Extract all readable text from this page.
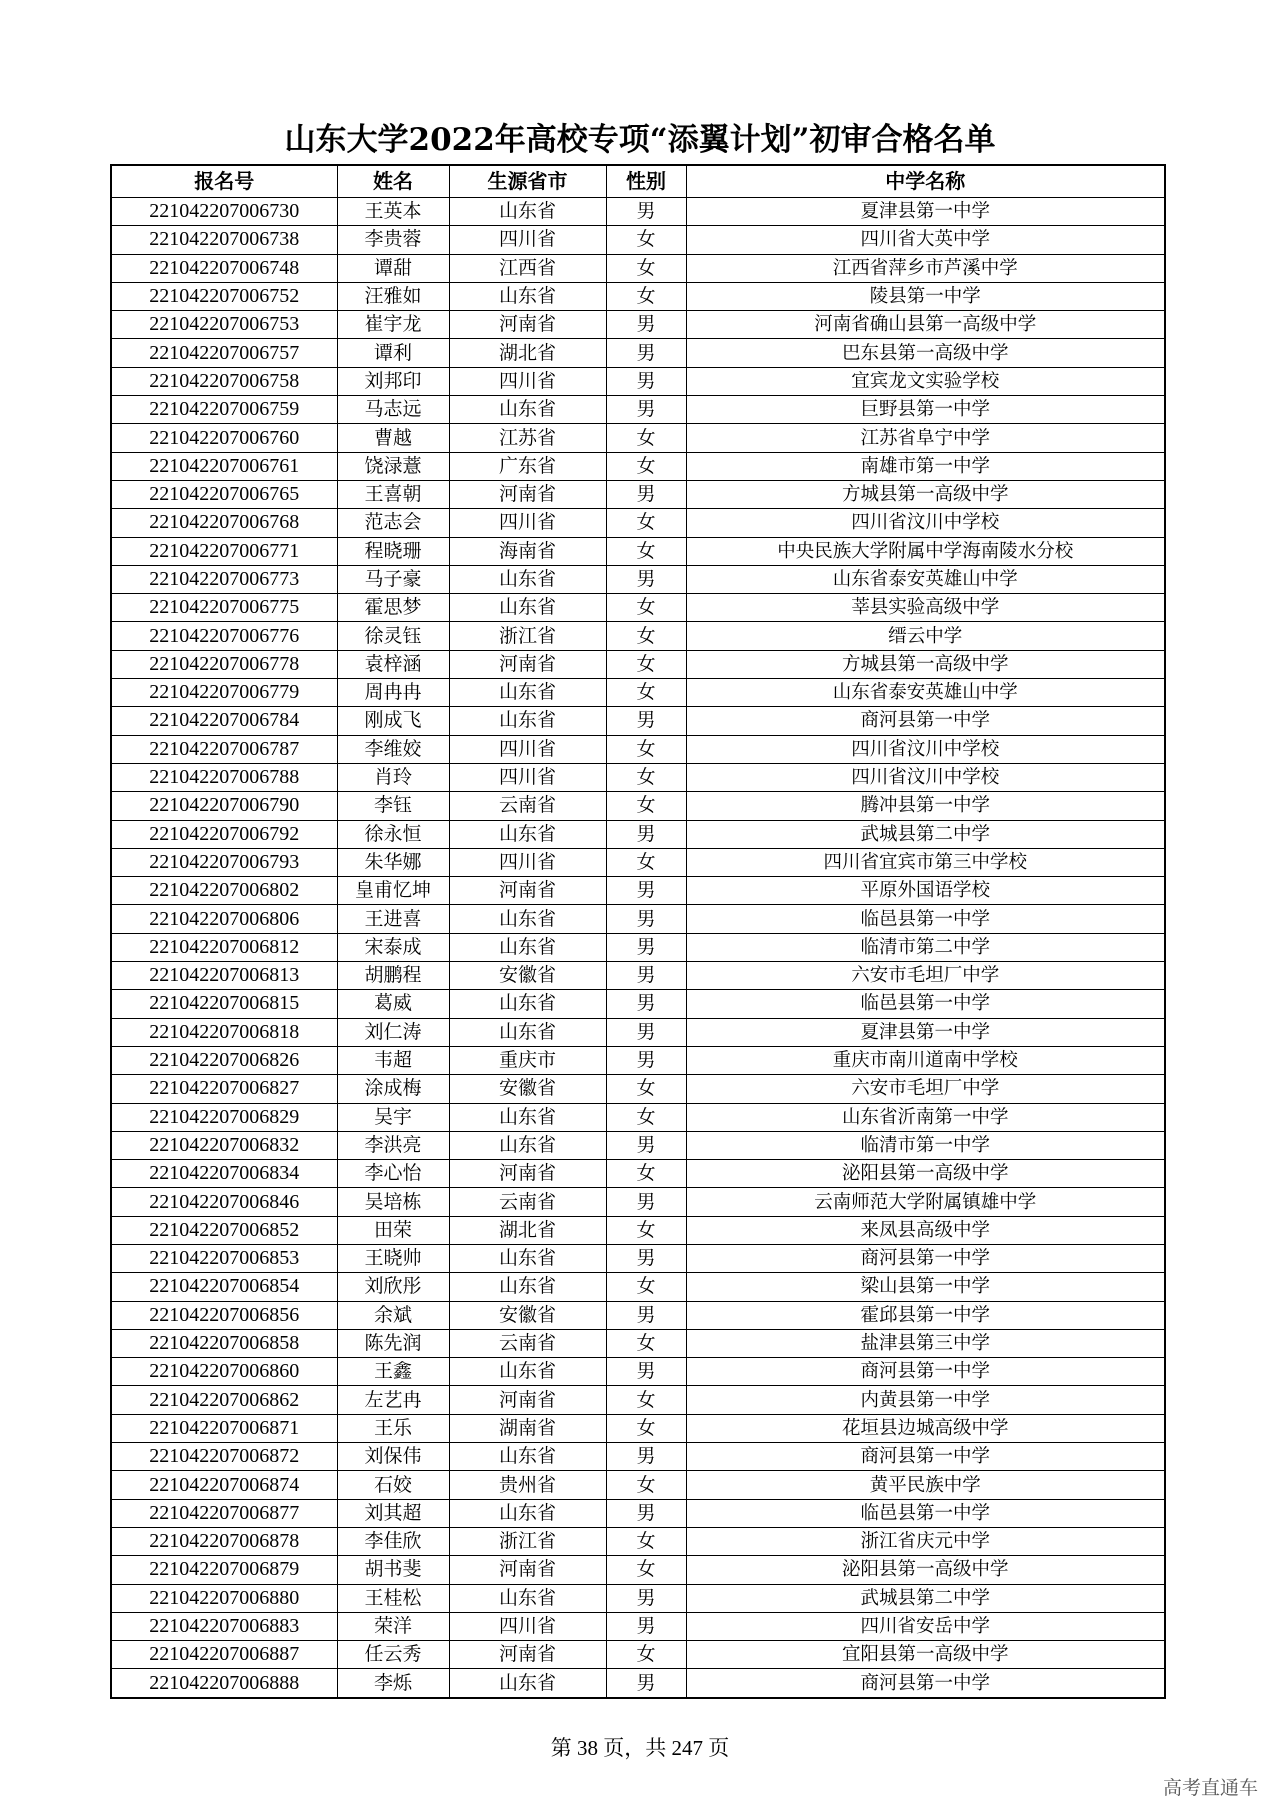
山东大学2022年高校专项“添翼计划”初审合格名单
报名号	姓名	生源省市	性别	中学名称
221042207006730	王英本	山东省	男	夏津县第一中学
221042207006738	李贵蓉	四川省	女	四川省大英中学
221042207006748	谭甜	江西省	女	江西省萍乡市芦溪中学
221042207006752	汪雅如	山东省	女	陵县第一中学
221042207006753	崔宇龙	河南省	男	河南省确山县第一高级中学
221042207006757	谭利	湖北省	男	巴东县第一高级中学
221042207006758	刘邦印	四川省	男	宜宾龙文实验学校
221042207006759	马志远	山东省	男	巨野县第一中学
221042207006760	曹越	江苏省	女	江苏省阜宁中学
221042207006761	饶渌薏	广东省	女	南雄市第一中学
221042207006765	王喜朝	河南省	男	方城县第一高级中学
221042207006768	范志会	四川省	女	四川省汶川中学校
221042207006771	程晓珊	海南省	女	中央民族大学附属中学海南陵水分校
221042207006773	马子豪	山东省	男	山东省泰安英雄山中学
221042207006775	霍思梦	山东省	女	莘县实验高级中学
221042207006776	徐灵钰	浙江省	女	缙云中学
221042207006778	袁梓涵	河南省	女	方城县第一高级中学
221042207006779	周冉冉	山东省	女	山东省泰安英雄山中学
221042207006784	刚成飞	山东省	男	商河县第一中学
221042207006787	李维姣	四川省	女	四川省汶川中学校
221042207006788	肖玲	四川省	女	四川省汶川中学校
221042207006790	李钰	云南省	女	腾冲县第一中学
221042207006792	徐永恒	山东省	男	武城县第二中学
221042207006793	朱华娜	四川省	女	四川省宜宾市第三中学校
221042207006802	皇甫忆坤	河南省	男	平原外国语学校
221042207006806	王进喜	山东省	男	临邑县第一中学
221042207006812	宋泰成	山东省	男	临清市第二中学
221042207006813	胡鹏程	安徽省	男	六安市毛坦厂中学
221042207006815	葛威	山东省	男	临邑县第一中学
221042207006818	刘仁涛	山东省	男	夏津县第一中学
221042207006826	韦超	重庆市	男	重庆市南川道南中学校
221042207006827	涂成梅	安徽省	女	六安市毛坦厂中学
221042207006829	吴宇	山东省	女	山东省沂南第一中学
221042207006832	李洪亮	山东省	男	临清市第一中学
221042207006834	李心怡	河南省	女	泌阳县第一高级中学
221042207006846	吴培栋	云南省	男	云南师范大学附属镇雄中学
221042207006852	田荣	湖北省	女	来凤县高级中学
221042207006853	王晓帅	山东省	男	商河县第一中学
221042207006854	刘欣彤	山东省	女	梁山县第一中学
221042207006856	余斌	安徽省	男	霍邱县第一中学
221042207006858	陈先润	云南省	女	盐津县第三中学
221042207006860	王鑫	山东省	男	商河县第一中学
221042207006862	左艺冉	河南省	女	内黄县第一中学
221042207006871	王乐	湖南省	女	花垣县边城高级中学
221042207006872	刘保伟	山东省	男	商河县第一中学
221042207006874	石姣	贵州省	女	黄平民族中学
221042207006877	刘其超	山东省	男	临邑县第一中学
221042207006878	李佳欣	浙江省	女	浙江省庆元中学
221042207006879	胡书斐	河南省	女	泌阳县第一高级中学
221042207006880	王桂松	山东省	男	武城县第二中学
221042207006883	荣洋	四川省	男	四川省安岳中学
221042207006887	任云秀	河南省	女	宜阳县第一高级中学
221042207006888	李烁	山东省	男	商河县第一中学
第 38 页，共 247 页
高考直通车
